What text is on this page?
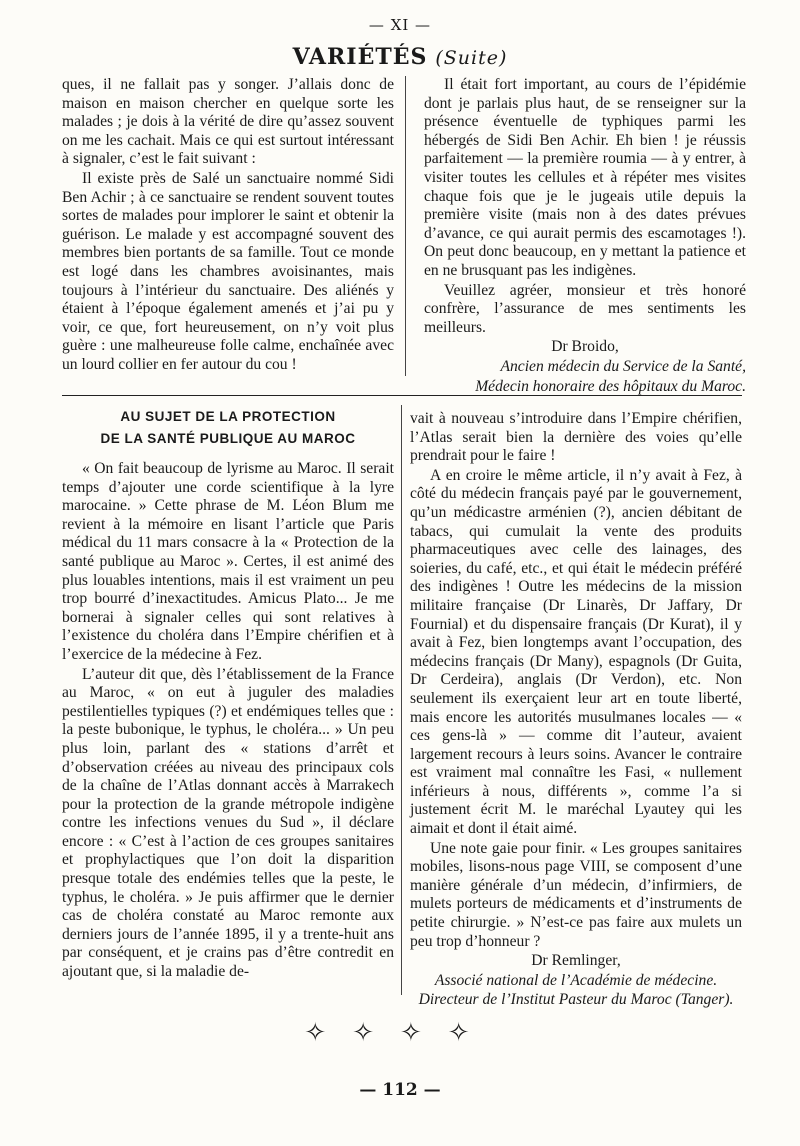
— XI —
VARIÉTÉS (Suite)

ques, il ne fallait pas y songer. J’allais donc de maison en maison chercher en quelque sorte les malades ; je dois à la vérité de dire qu’assez souvent on me les cachait. Mais ce qui est surtout intéressant à signaler, c’est le fait suivant :

Il existe près de Salé un sanctuaire nommé Sidi Ben Achir ; à ce sanctuaire se rendent souvent toutes sortes de malades pour implorer le saint et obtenir la guérison. Le malade y est accompagné souvent des membres bien portants de sa famille. Tout ce monde est logé dans les chambres avoisinantes, mais toujours à l’intérieur du sanctuaire. Des aliénés y étaient à l’époque également amenés et j’ai pu y voir, ce que, fort heureusement, on n’y voit plus guère : une malheureuse folle calme, enchaînée avec un lourd collier en fer autour du cou !

Il était fort important, au cours de l’épidémie dont je parlais plus haut, de se renseigner sur la présence éventuelle de typhiques parmi les hébergés de Sidi Ben Achir. Eh bien ! je réussis parfaitement — la première roumia — à y entrer, à visiter toutes les cellules et à répéter mes visites chaque fois que je le jugeais utile depuis la première visite (mais non à des dates prévues d’avance, ce qui aurait permis des escamotages !). On peut donc beaucoup, en y mettant la patience et en ne brusquant pas les indigènes.

Veuillez agréer, monsieur et très honoré confrère, l’assurance de mes sentiments les meilleurs.

Dr Broido,

Ancien médecin du Service de la Santé,

Médecin honoraire des hôpitaux du Maroc.

AU SUJET DE LA PROTECTION
DE LA SANTÉ PUBLIQUE AU MAROC

« On fait beaucoup de lyrisme au Maroc. Il serait temps d’ajouter une corde scientifique à la lyre marocaine. » Cette phrase de M. Léon Blum me revient à la mémoire en lisant l’article que Paris médical du 11 mars consacre à la « Protection de la santé publique au Maroc ». Certes, il est animé des plus louables intentions, mais il est vraiment un peu trop bourré d’inexactitudes. Amicus Plato... Je me bornerai à signaler celles qui sont relatives à l’existence du choléra dans l’Empire chérifien et à l’exercice de la médecine à Fez.

L’auteur dit que, dès l’établissement de la France au Maroc, « on eut à juguler des maladies pestilentielles typiques (?) et endémiques telles que : la peste bubonique, le typhus, le choléra... » Un peu plus loin, parlant des « stations d’arrêt et d’observation créées au niveau des principaux cols de la chaîne de l’Atlas donnant accès à Marrakech pour la protection de la grande métropole indigène contre les infections venues du Sud », il déclare encore : « C’est à l’action de ces groupes sanitaires et prophylactiques que l’on doit la disparition presque totale des endémies telles que la peste, le typhus, le choléra. » Je puis affirmer que le dernier cas de choléra constaté au Maroc remonte aux derniers jours de l’année 1895, il y a trente-huit ans par conséquent, et je crains pas d’être contredit en ajoutant que, si la maladie de-

vait à nouveau s’introduire dans l’Empire chérifien, l’Atlas serait bien la dernière des voies qu’elle prendrait pour le faire !

A en croire le même article, il n’y avait à Fez, à côté du médecin français payé par le gouvernement, qu’un médicastre arménien (?), ancien débitant de tabacs, qui cumulait la vente des produits pharmaceutiques avec celle des lainages, des soieries, du café, etc., et qui était le médecin préféré des indigènes ! Outre les médecins de la mission militaire française (Dr Linarès, Dr Jaffary, Dr Fournial) et du dispensaire français (Dr Kurat), il y avait à Fez, bien longtemps avant l’occupation, des médecins français (Dr Many), espagnols (Dr Guita, Dr Cerdeira), anglais (Dr Verdon), etc. Non seulement ils exerçaient leur art en toute liberté, mais encore les autorités musulmanes locales — « ces gens-là » — comme dit l’auteur, avaient largement recours à leurs soins. Avancer le contraire est vraiment mal connaître les Fasi, « nullement inférieurs à nous, différents », comme l’a si justement écrit M. le maréchal Lyautey qui les aimait et dont il était aimé.

Une note gaie pour finir. « Les groupes sanitaires mobiles, lisons-nous page VIII, se composent d’une manière générale d’un médecin, d’infirmiers, de mulets porteurs de médicaments et d’instruments de petite chirurgie. » N’est-ce pas faire aux mulets un peu trop d’honneur ?

Dr Remlinger,

Associé national de l’Académie de médecine.

Directeur de l’Institut Pasteur du Maroc (Tanger).

✧✧✧✧
— 112 —
